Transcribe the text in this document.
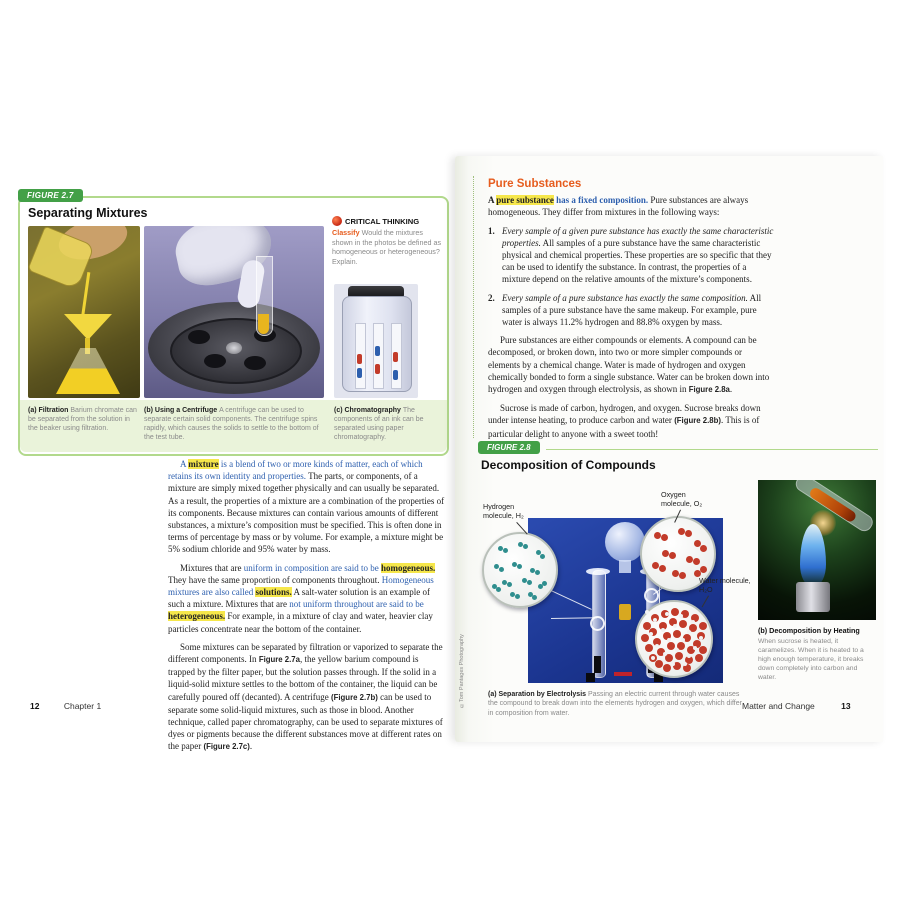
FIGURE 2.7
Separating Mixtures
CRITICAL THINKING
Classify Would the mixtures shown in the photos be defined as homogeneous or heterogeneous? Explain.
(a) Filtration Barium chromate can be separated from the solution in the beaker using filtration.
(b) Using a Centrifuge A centrifuge can be used to separate certain solid components. The centrifuge spins rapidly, which causes the solids to settle to the bottom of the test tube.
(c) Chromatography The components of an ink can be separated using paper chromatography.

A mixture is a blend of two or more kinds of matter, each of which retains its own identity and properties. The parts, or components, of a mixture are simply mixed together physically and can usually be separated. As a result, the properties of a mixture are a combination of the properties of its components. Because mixtures can contain various amounts of different substances, a mixture’s composition must be specified. This is often done in terms of percentage by mass or by volume. For example, a mixture might be 5% sodium chloride and 95% water by mass.

Mixtures that are uniform in composition are said to be homogeneous. They have the same proportion of components throughout. Homogeneous mixtures are also called solutions. A salt-water solution is an example of such a mixture. Mixtures that are not uniform throughout are said to be heterogeneous. For example, in a mixture of clay and water, heavier clay particles concentrate near the bottom of the container.

Some mixtures can be separated by filtration or vaporized to separate the different components. In Figure 2.7a, the yellow barium compound is trapped by the filter paper, but the solution passes through. If the solid in a liquid-solid mixture settles to the bottom of the container, the liquid can be carefully poured off (decanted). A centrifuge (Figure 2.7b) can be used to separate some solid-liquid mixtures, such as those in blood. Another technique, called paper chromatography, can be used to separate mixtures of dyes or pigments because the different substances move at different rates on the paper (Figure 2.7c).

12	Chapter 1
Pure Substances

A pure substance has a fixed composition. Pure substances are always homogeneous. They differ from mixtures in the following ways:

1. Every sample of a given pure substance has exactly the same characteristic properties. All samples of a pure substance have the same characteristic physical and chemical properties. These properties are so specific that they can be used to identify the substance. In contrast, the properties of a mixture depend on the relative amounts of the mixture’s components.
2. Every sample of a pure substance has exactly the same composition. All samples of a pure substance have the same makeup. For example, pure water is always 11.2% hydrogen and 88.8% oxygen by mass.

Pure substances are either compounds or elements. A compound can be decomposed, or broken down, into two or more simpler compounds or elements by a chemical change. Water is made of hydrogen and oxygen chemically bonded to form a single substance. Water can be broken down into hydrogen and oxygen through electrolysis, as shown in Figure 2.8a.

Sucrose is made of carbon, hydrogen, and oxygen. Sucrose breaks down under intense heating, to produce carbon and water (Figure 2.8b). This is of particular delight to anyone with a sweet tooth!

FIGURE 2.8
Decomposition of Compounds
Hydrogen molecule, H₂
Oxygen molecule, O₂
Water molecule, H₂O
(b) Decomposition by Heating
When sucrose is heated, it caramelizes. When it is heated to a high enough temperature, it breaks down completely into carbon and water.
(a) Separation by Electrolysis Passing an electric current through water causes the compound to break down into the elements hydrogen and oxygen, which differ in composition from water.
©Tom Pantages Photography	Matter and Change	13
